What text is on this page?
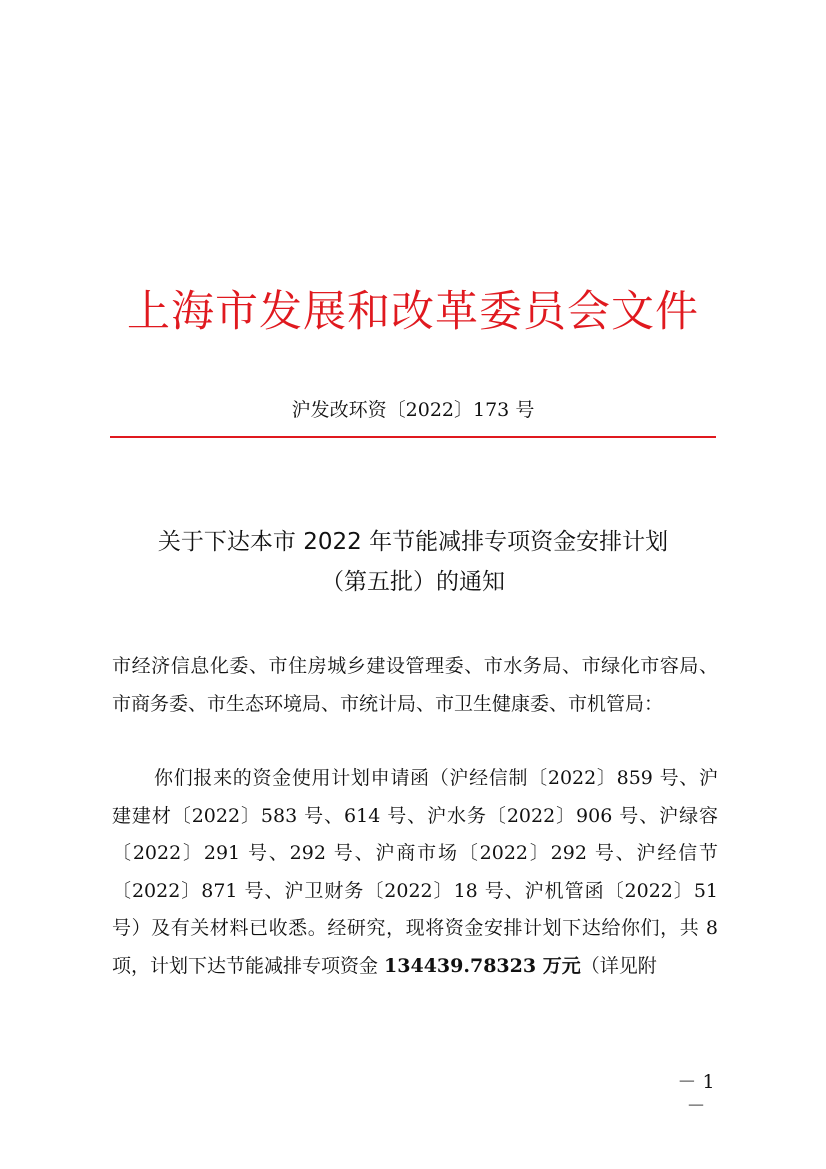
上海市发展和改革委员会文件
沪发改环资〔2022〕173 号
关于下达本市 2022 年节能减排专项资金安排计划
（第五批）的通知
市经济信息化委、市住房城乡建设管理委、市水务局、市绿化市容局、市商务委、市生态环境局、市统计局、市卫生健康委、市机管局：
你们报来的资金使用计划申请函（沪经信制〔2022〕859 号、沪建建材〔2022〕583 号、614 号、沪水务〔2022〕906 号、沪绿容〔2022〕291 号、292 号、沪商市场〔2022〕292 号、沪经信节〔2022〕871 号、沪卫财务〔2022〕18 号、沪机管函〔2022〕51 号）及有关材料已收悉。经研究，现将资金安排计划下达给你们，共 8 项，计划下达节能减排专项资金 134439.78323 万元（详见附
－ 1 －
